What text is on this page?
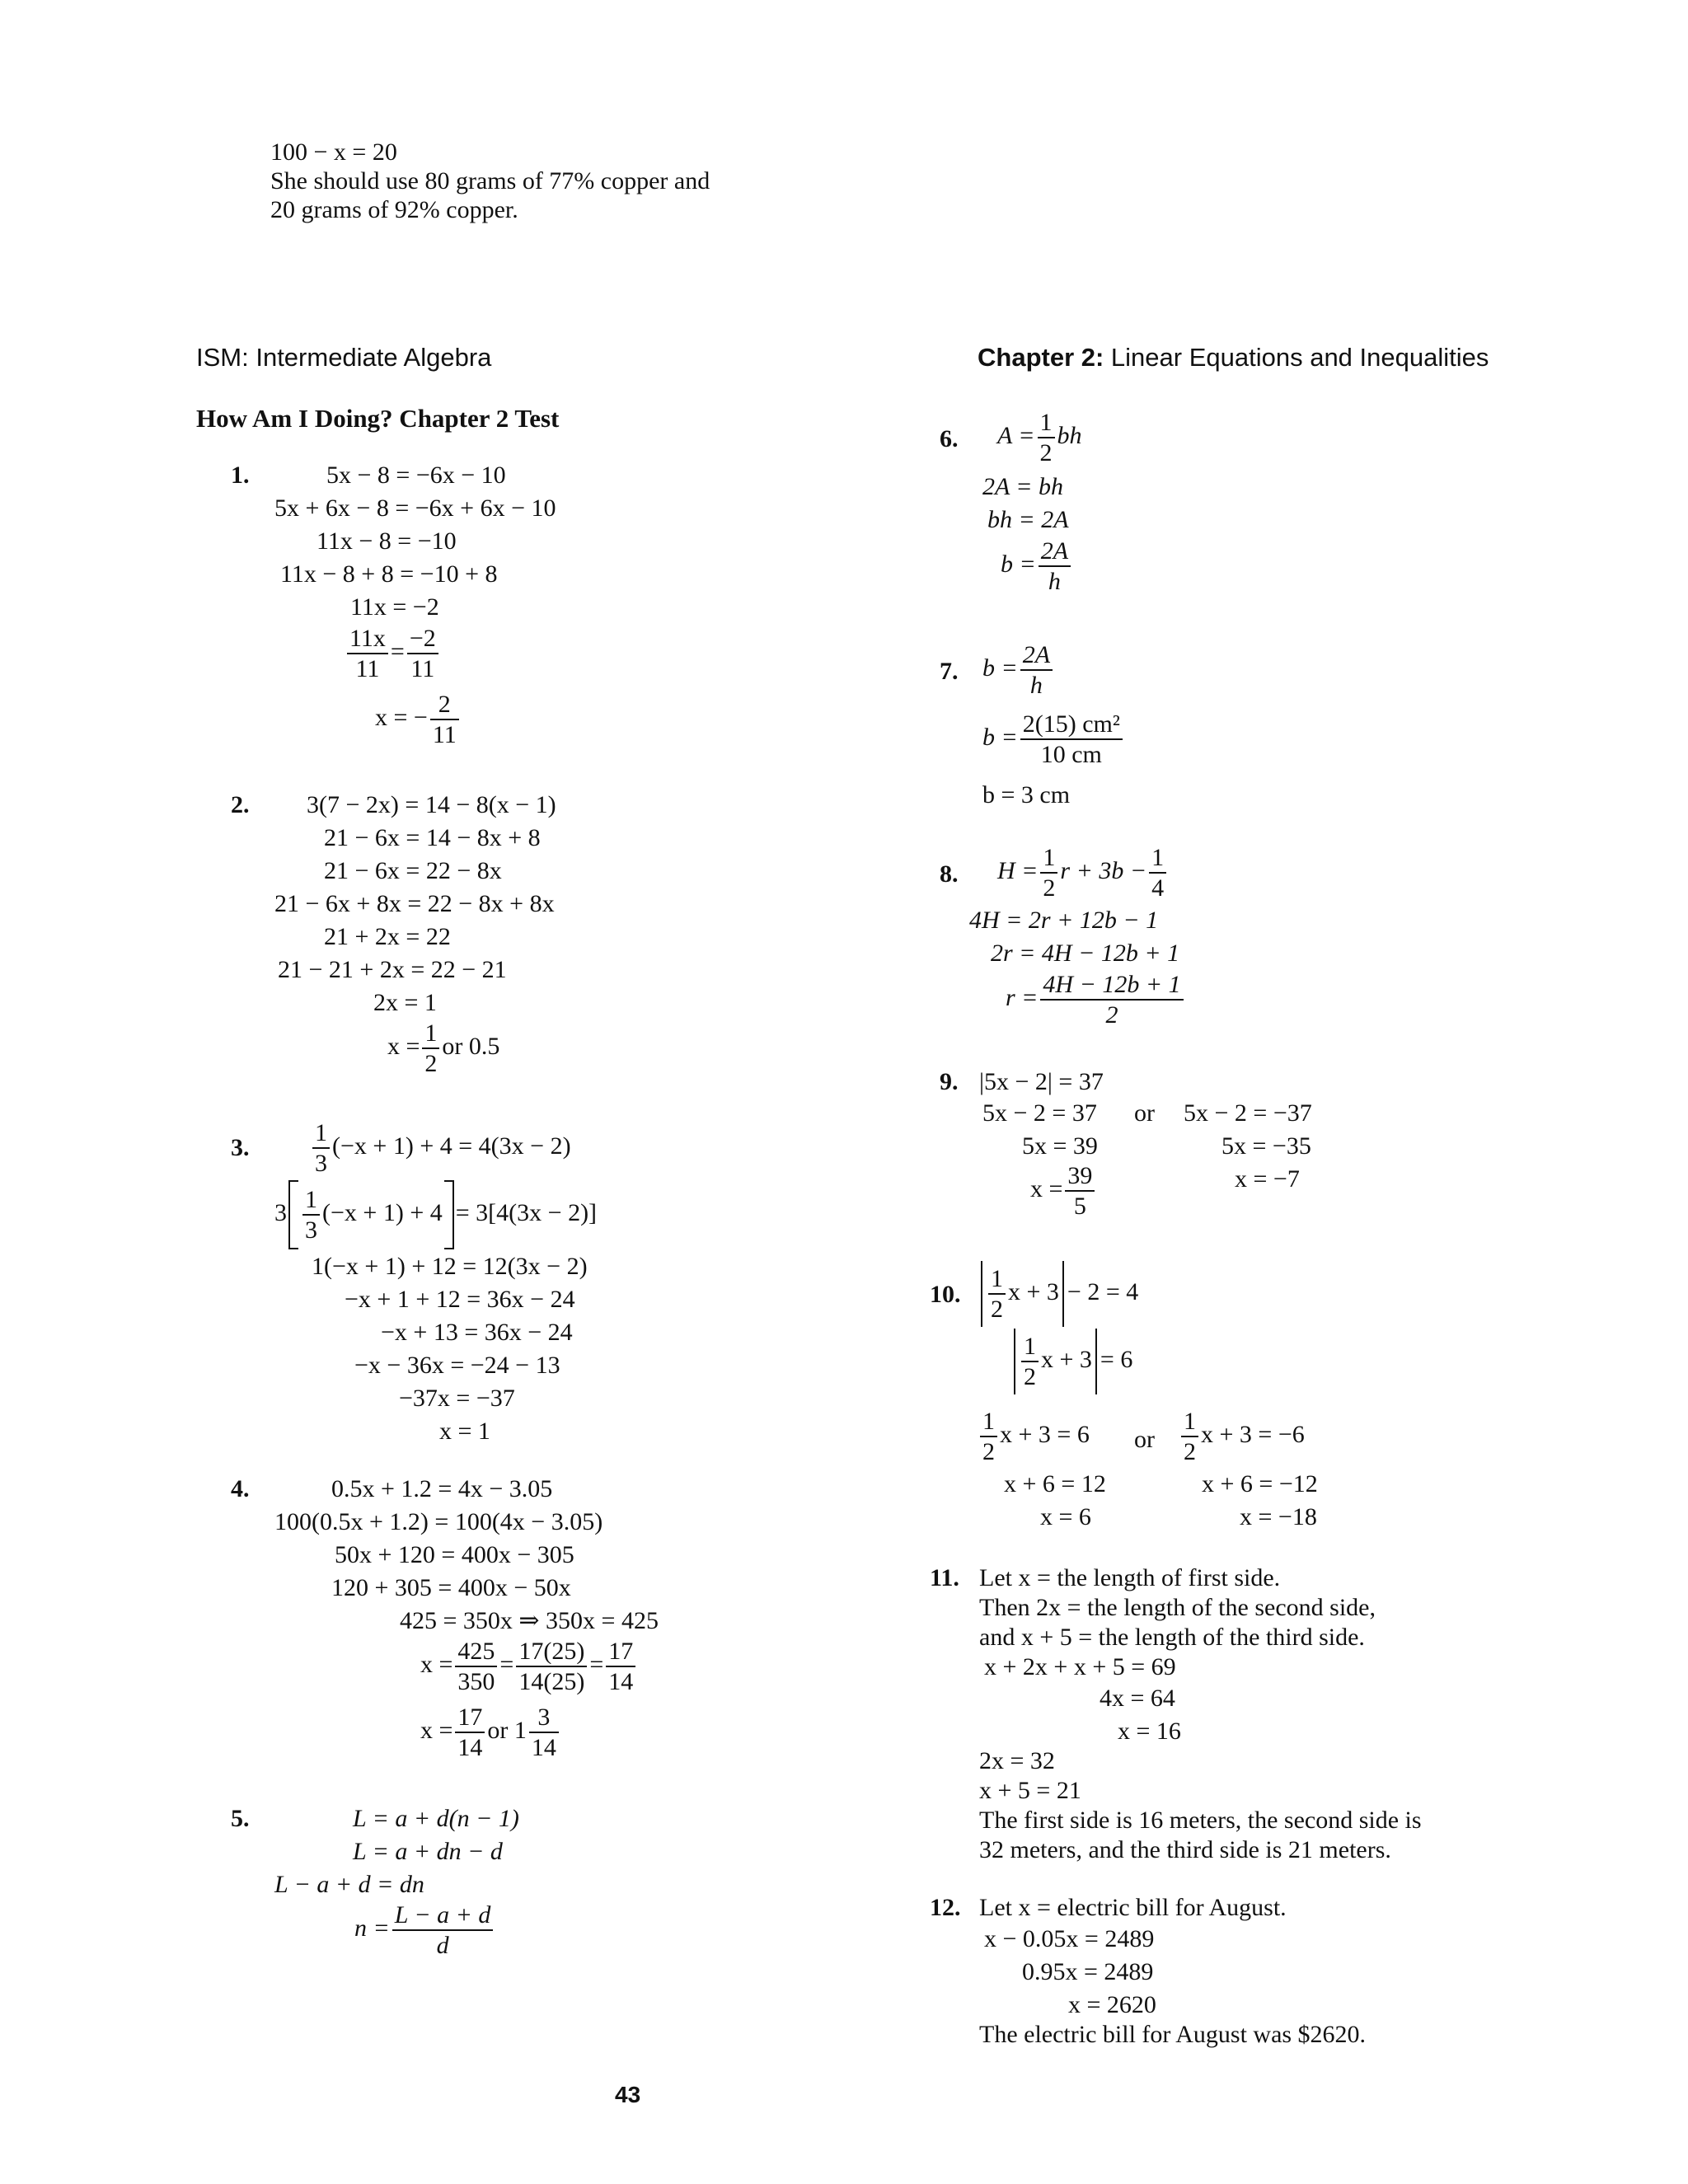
100 − x = 20
She should use 80 grams of 77% copper and
20 grams of 92% copper.
ISM: Intermediate Algebra	Chapter 2: Linear Equations and Inequalities
How Am I Doing? Chapter 2 Test
1.	5x − 8 = −6x − 10
5x + 6x − 8 = −6x + 6x − 10
11x − 8 = −10
11x − 8 + 8 = −10 + 8
11x = −2
$\frac{11x}{11} = \frac{-2}{11}$
x = − $\frac{2}{11}$
2. 3(7 − 2x) = 14 − 8(x − 1)
21 − 6x = 14 − 8x + 8
21 − 6x = 22 − 8x
21 − 6x + 8x = 22 − 8x + 8x
21 + 2x = 22
21 − 21 + 2x = 22 − 21
2x = 1
$x = \frac{1}{2}$ or 0.5
3.	$\frac{1}{3} (-x + 1) + 4 = 4(3x - 2)$
$3 \frac{1}{3} (-x + 1) + 4 = 3[4(3x - 2)]$
1(−x + 1) + 12 = 12(3x − 2)
−x + 1 + 12 = 36x − 24
−x + 13 = 36x − 24
−x − 36x = −24 − 13
−37x = −37
x = 1
4.	0.5x + 1.2 = 4x − 3.05
100(0.5x + 1.2) = 100(4x − 3.05)
50x + 120 = 400x − 305
120 + 305 = 400x − 50x
425 = 350x ⇒ 350x = 425
$x = \frac{425}{350} = \frac{17(25)}{14(25)} = \frac{17}{14}$
$x = \frac{17}{14}$ or $1 \frac{3}{14}$
5.	L = a + d(n − 1)
L = a + dn − d
L − a + d = dn
$n = \frac{L - a + d}{d}$
6. $A = \frac{1}{2}$ bh
2A = bh
bh = 2A
$b = \frac{2A}{h}$
7. $b = \frac{2A}{h}$
$b = \frac{\text{2(15) cm²}}{10 cm}$
b = 3 cm
8. $H = \frac{1}{2}$ $r + 3b - \frac{1}{4}$
4H = 2r + 12b − 1
2r = 4H − 12b + 1
$r = \frac{4H - 12b + 1}{2}$
9. |5x − 2| = 37
5x − 2 = 37 or 5x − 2 = −37
5x = 39	5x = −35
$x = \frac{39}{5}$	x = −7
10. $\frac{1}{2}$ x + 3 − 2 = 4
$\frac{1}{2}$ x + 3 = 6
$\frac{1}{2}$ x + 3 = 6 or $\frac{1}{2}$ x + 3 = −6
x + 6 = 12	x + 6 = −12
x = 6	x = −18
11. Let x = the length of first side.
Then 2x = the length of the second side,
and x + 5 = the length of the third side.
x + 2x + x + 5 = 69
4x = 64
x = 16
2x = 32
x + 5 = 21
The first side is 16 meters, the second side is
32 meters, and the third side is 21 meters.
12. Let x = electric bill for August.
x − 0.05x = 2489
0.95x = 2489
x = 2620
The electric bill for August was $2620.
43
